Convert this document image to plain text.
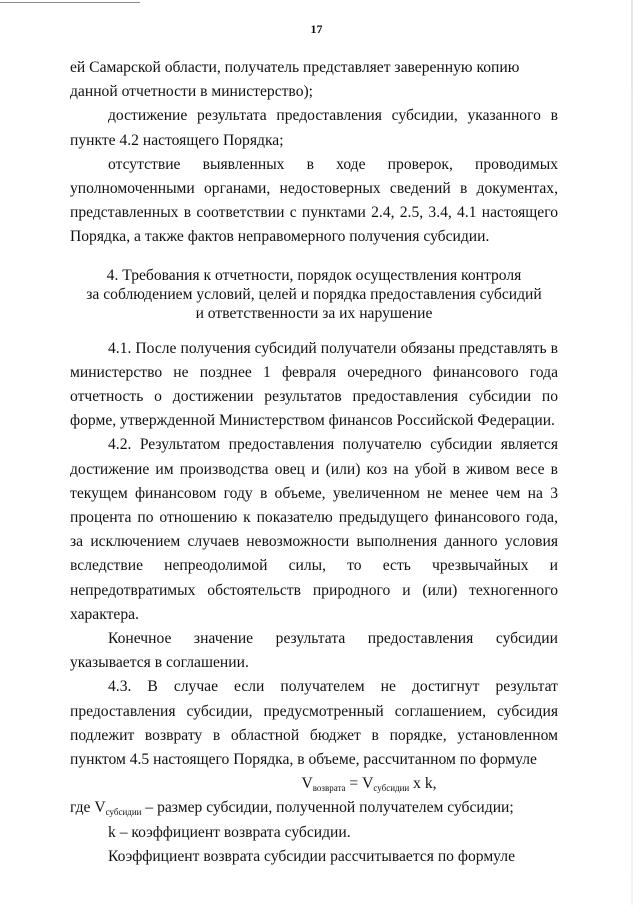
17

ей Самарской области, получатель представляет заверенную копию данной отчетности в министерство);

достижение результата предоставления субсидии, указанного в пункте 4.2 настоящего Порядка;

отсутствие выявленных в ходе проверок, проводимых уполномоченными органами, недостоверных сведений в документах, представленных в соответствии с пунктами 2.4, 2.5, 3.4, 4.1 настоящего Порядка, а также фактов неправомерного получения субсидии.

4. Требования к отчетности, порядок осуществления контроля
за соблюдением условий, целей и порядка предоставления субсидий
и ответственности за их нарушение

4.1. После получения субсидий получатели обязаны представлять в министерство не позднее 1 февраля очередного финансового года отчетность о достижении результатов предоставления субсидии по форме, утвержденной Министерством финансов Российской Федерации.

4.2. Результатом предоставления получателю субсидии является достижение им производства овец и (или) коз на убой в живом весе в текущем финансовом году в объеме, увеличенном не менее чем на 3 процента по отношению к показателю предыдущего финансового года, за исключением случаев невозможности выполнения данного условия вследствие непреодолимой силы, то есть чрезвычайных и непредотвратимых обстоятельств природного и (или) техногенного характера.

Конечное значение результата предоставления субсидии указывается в соглашении.

4.3. В случае если получателем не достигнут результат предоставления субсидии, предусмотренный соглашением, субсидия подлежит возврату в областной бюджет в порядке, установленном пунктом 4.5 настоящего Порядка, в объеме, рассчитанном по формуле

$V_{возврата} = V_{субсидии}$ x k,

где $V_{субсидии}$ – размер субсидии, полученной получателем субсидии;

k – коэффициент возврата субсидии.

Коэффициент возврата субсидии рассчитывается по формуле
